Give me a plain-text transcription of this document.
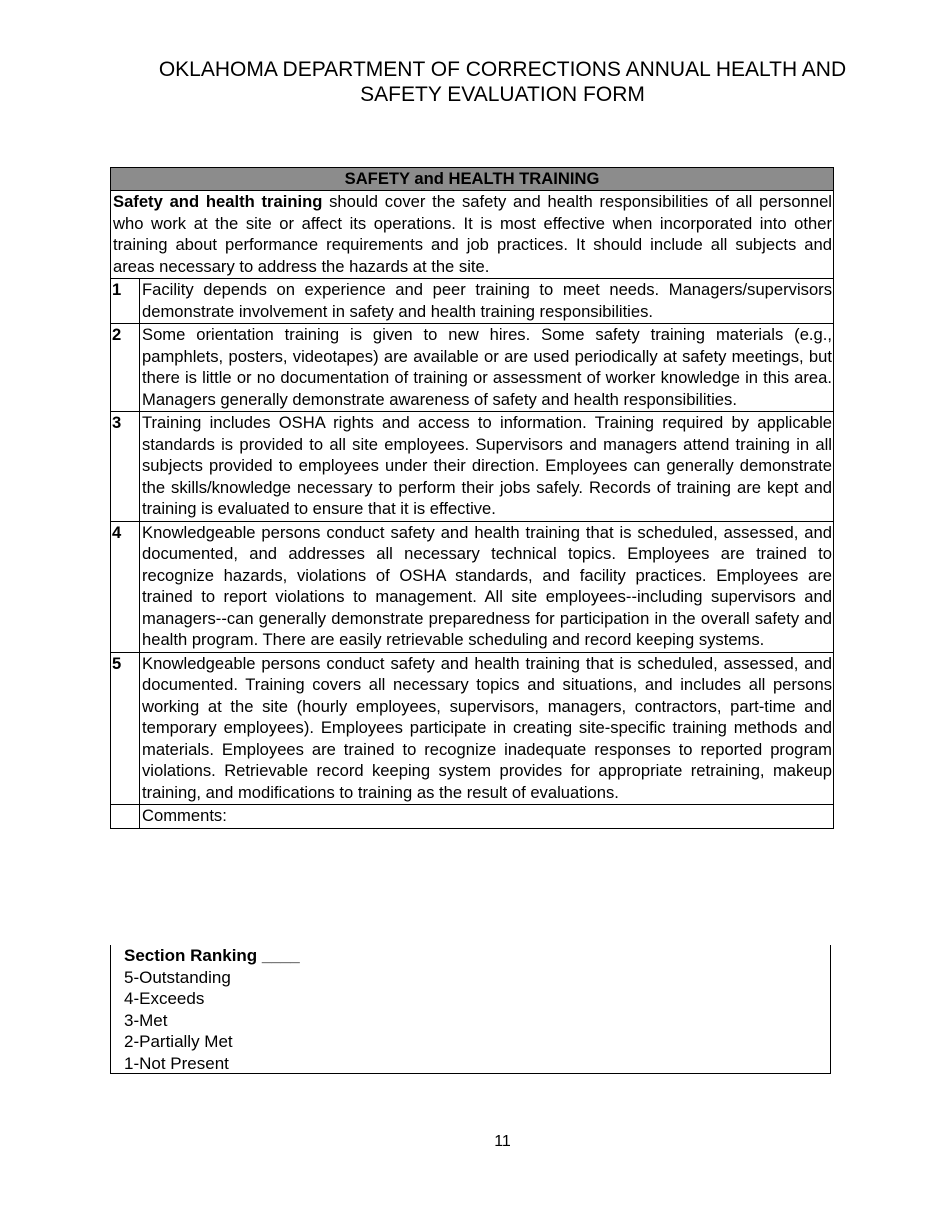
OKLAHOMA DEPARTMENT OF CORRECTIONS ANNUAL HEALTH AND SAFETY EVALUATION FORM
SAFETY and HEALTH TRAINING	
Safety and health training should cover the safety and health responsibilities of all personnel who work at the site or affect its operations. It is most effective when incorporated into other training about performance requirements and job practices. It should include all subjects and areas necessary to address the hazards at the site.	
1	Facility depends on experience and peer training to meet needs. Managers/supervisors demonstrate involvement in safety and health training responsibilities.
2	Some orientation training is given to new hires. Some safety training materials (e.g., pamphlets, posters, videotapes) are available or are used periodically at safety meetings, but there is little or no documentation of training or assessment of worker knowledge in this area. Managers generally demonstrate awareness of safety and health responsibilities.
3	Training includes OSHA rights and access to information. Training required by applicable standards is provided to all site employees. Supervisors and managers attend training in all subjects provided to employees under their direction. Employees can generally demonstrate the skills/knowledge necessary to perform their jobs safely. Records of training are kept and training is evaluated to ensure that it is effective.
4	Knowledgeable persons conduct safety and health training that is scheduled, assessed, and documented, and addresses all necessary technical topics. Employees are trained to recognize hazards, violations of OSHA standards, and facility practices. Employees are trained to report violations to management. All site employees--including supervisors and managers--can generally demonstrate preparedness for participation in the overall safety and health program. There are easily retrievable scheduling and record keeping systems.
5	Knowledgeable persons conduct safety and health training that is scheduled, assessed, and documented. Training covers all necessary topics and situations, and includes all persons working at the site (hourly employees, supervisors, managers, contractors, part-time and temporary employees). Employees participate in creating site-specific training methods and materials. Employees are trained to recognize inadequate responses to reported program violations. Retrievable record keeping system provides for appropriate retraining, makeup training, and modifications to training as the result of evaluations.
	Comments:
Section Ranking ____
5-Outstanding
4-Exceeds
3-Met
2-Partially Met
1-Not Present
11
